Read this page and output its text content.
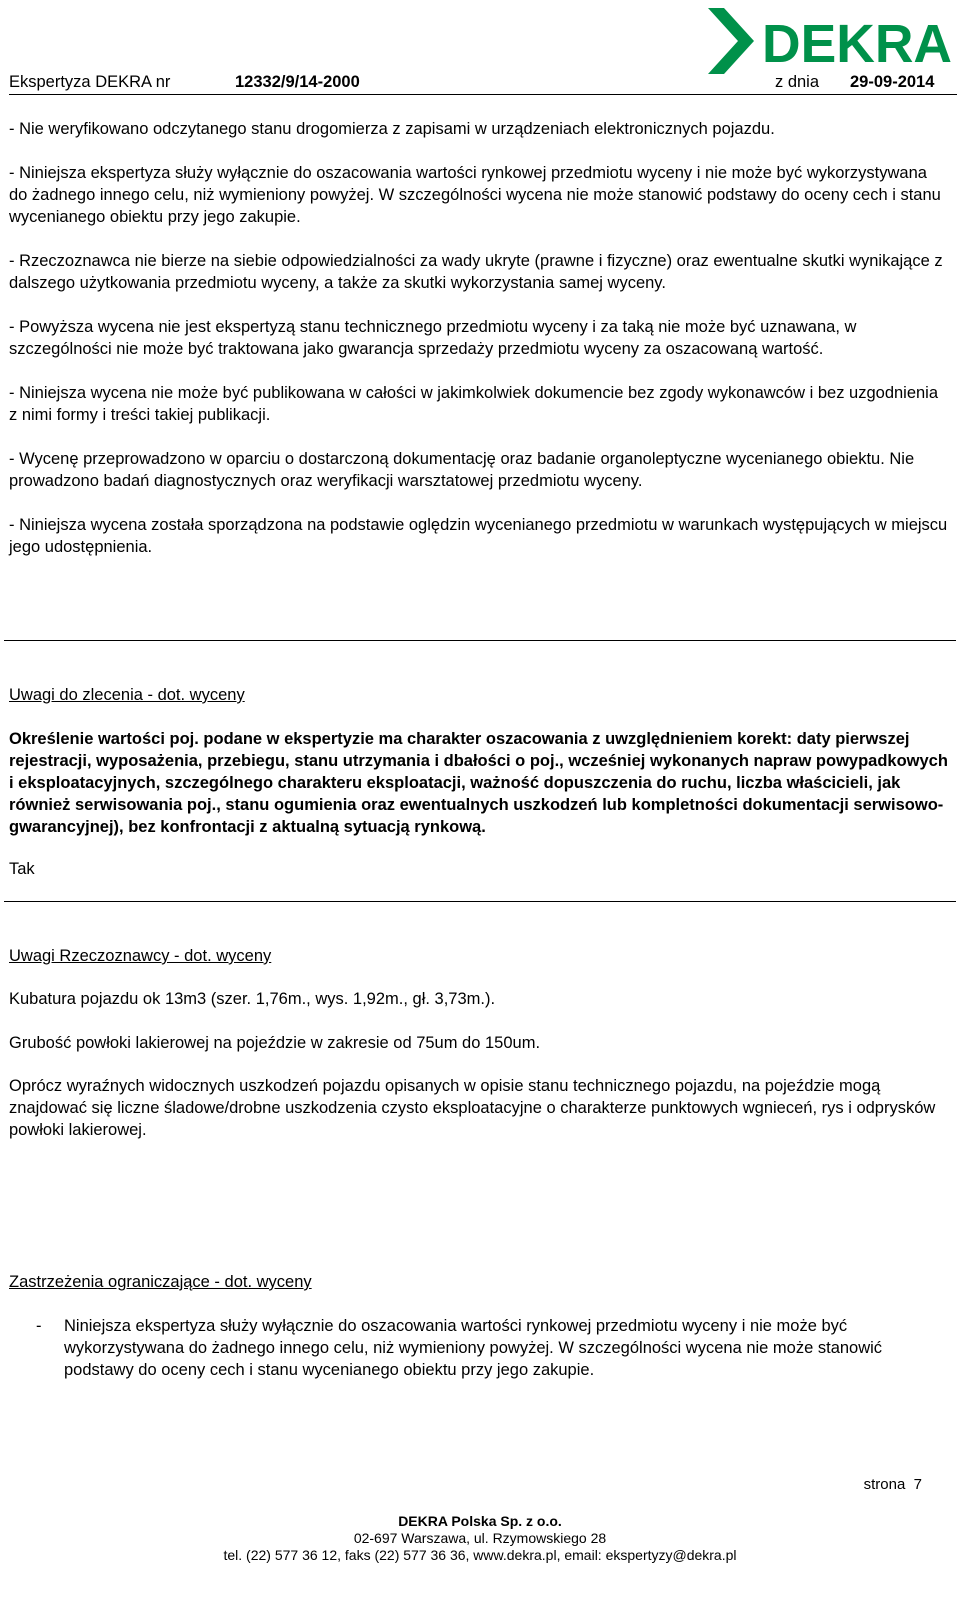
Ekspertyza DEKRA nr	12332/9/14-2000	z dnia 29-09-2014
DEKRA

- Nie weryfikowano odczytanego stanu drogomierza z zapisami w urządzeniach elektronicznych pojazdu.

- Niniejsza ekspertyza służy wyłącznie do oszacowania wartości rynkowej przedmiotu wyceny i nie może być wykorzystywana do żadnego innego celu, niż wymieniony powyżej. W szczególności wycena nie może stanowić podstawy do oceny cech i stanu wycenianego obiektu przy jego zakupie.

- Rzeczoznawca nie bierze na siebie odpowiedzialności za wady ukryte (prawne i fizyczne) oraz ewentualne skutki wynikające z dalszego użytkowania przedmiotu wyceny, a także za skutki wykorzystania samej wyceny.

- Powyższa wycena nie jest ekspertyzą stanu technicznego przedmiotu wyceny i za taką nie może być uznawana, w szczególności nie może być traktowana jako gwarancja sprzedaży przedmiotu wyceny za oszacowaną wartość.

- Niniejsza wycena nie może być publikowana w całości w jakimkolwiek dokumencie bez zgody wykonawców i bez uzgodnienia z nimi formy i treści takiej publikacji.

- Wycenę przeprowadzono w oparciu o dostarczoną dokumentację oraz badanie organoleptyczne wycenianego obiektu. Nie prowadzono badań diagnostycznych oraz weryfikacji warsztatowej przedmiotu wyceny.

- Niniejsza wycena została sporządzona na podstawie oględzin wycenianego przedmiotu w warunkach występujących w miejscu jego udostępnienia.

Uwagi do zlecenia - dot. wyceny
Określenie wartości poj. podane w ekspertyzie ma charakter oszacowania z uwzględnieniem korekt: daty pierwszej rejestracji, wyposażenia, przebiegu, stanu utrzymania i dbałości o poj., wcześniej wykonanych napraw powypadkowych i eksploatacyjnych, szczególnego charakteru eksploatacji, ważność dopuszczenia do ruchu, liczba właścicieli, jak również serwisowania poj., stanu ogumienia oraz ewentualnych uszkodzeń lub kompletności dokumentacji serwisowo-gwarancyjnej), bez konfrontacji z aktualną sytuacją rynkową.
Tak
Uwagi Rzeczoznawcy - dot. wyceny
Kubatura pojazdu ok 13m3 (szer. 1,76m., wys. 1,92m., gł. 3,73m.).
Grubość powłoki lakierowej na pojeździe w zakresie od 75um do 150um.
Oprócz wyraźnych widocznych uszkodzeń pojazdu opisanych w opisie stanu technicznego pojazdu, na pojeździe mogą znajdować się liczne śladowe/drobne uszkodzenia czysto eksploatacyjne o charakterze punktowych wgnieceń, rys i odprysków powłoki lakierowej.
Zastrzeżenia ograniczające - dot. wyceny
- Niniejsza ekspertyza służy wyłącznie do oszacowania wartości rynkowej przedmiotu wyceny i nie może być wykorzystywana do żadnego innego celu, niż wymieniony powyżej. W szczególności wycena nie może stanowić podstawy do oceny cech i stanu wycenianego obiektu przy jego zakupie.
strona 7
DEKRA Polska Sp. z o.o.
02-697 Warszawa, ul. Rzymowskiego 28
tel. (22) 577 36 12, faks (22) 577 36 36, www.dekra.pl, email: ekspertyzy@dekra.pl
